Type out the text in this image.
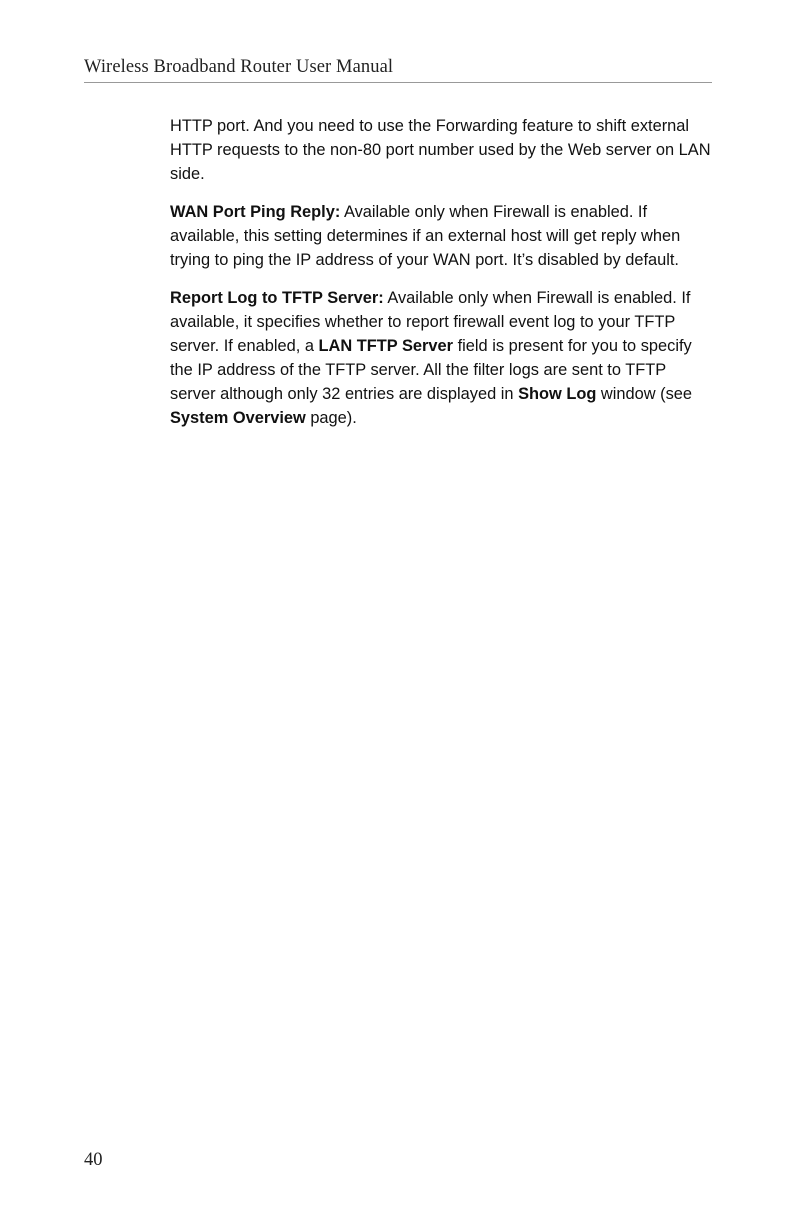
Wireless Broadband Router User Manual

HTTP port. And you need to use the Forwarding feature to shift external HTTP requests to the non-80 port number used by the Web server on LAN side.

WAN Port Ping Reply: Available only when Firewall is enabled. If available, this setting determines if an external host will get reply when trying to ping the IP address of your WAN port. It’s disabled by default.

Report Log to TFTP Server: Available only when Firewall is enabled. If available, it specifies whether to report firewall event log to your TFTP server. If enabled, a LAN TFTP Server field is present for you to specify the IP address of the TFTP server. All the filter logs are sent to TFTP server although only 32 entries are displayed in Show Log window (see System Overview page).

40
